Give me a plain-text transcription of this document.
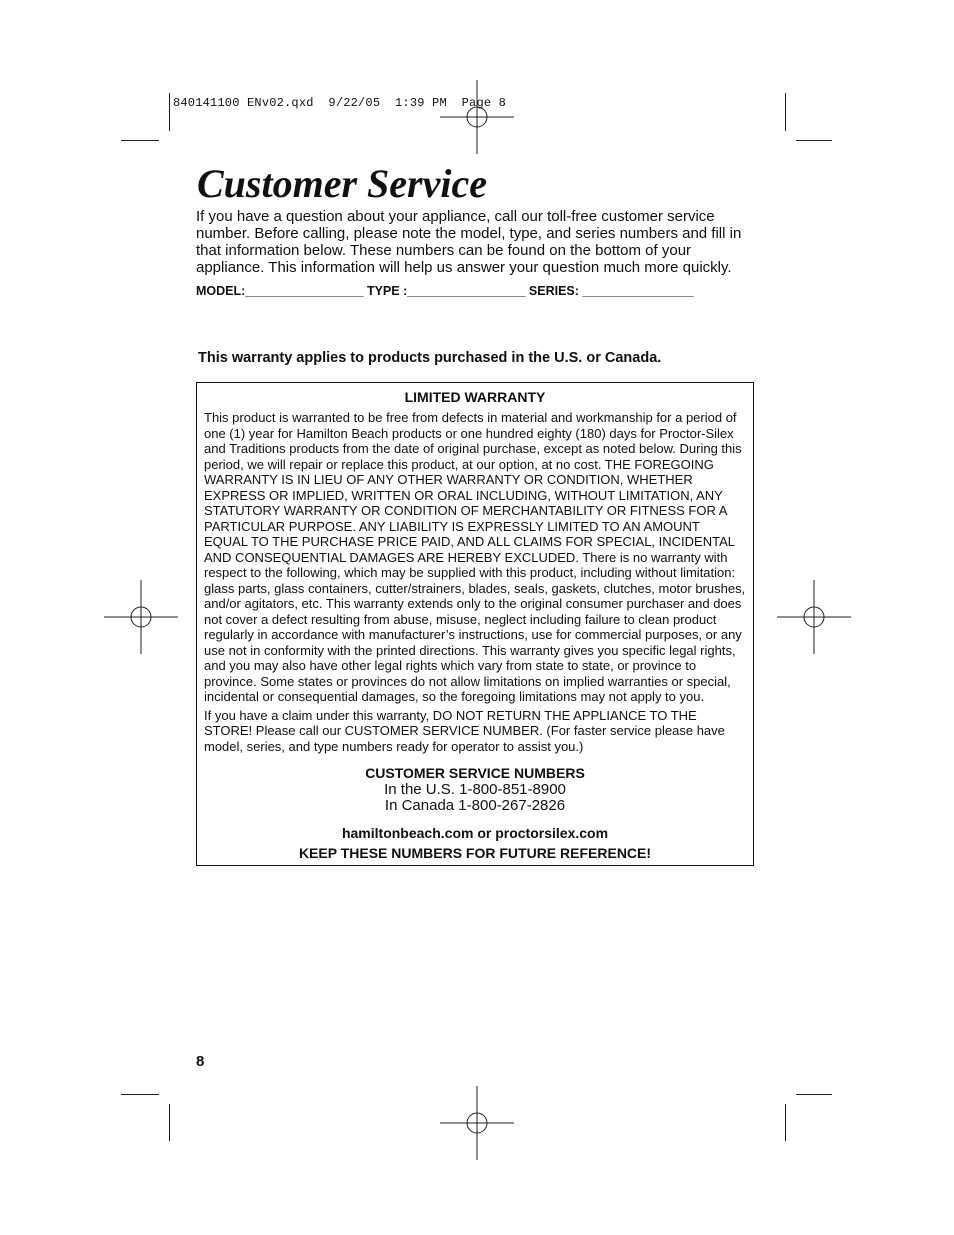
840141100 ENv02.qxd  9/22/05  1:39 PM  Page 8
Customer Service

If you have a question about your appliance, call our toll-free customer service number. Before calling, please note the model, type, and series numbers and fill in that information below. These numbers can be found on the bottom of your appliance. This information will help us answer your question much more quickly.

MODEL:_________________ TYPE :_________________ SERIES: ________________

This warranty applies to products purchased in the U.S. or Canada.

LIMITED WARRANTY

This product is warranted to be free from defects in material and workmanship for a period of one (1) year for Hamilton Beach products or one hundred eighty (180) days for Proctor-Silex and Traditions products from the date of original purchase, except as noted below. During this period, we will repair or replace this product, at our option, at no cost. THE FOREGOING WARRANTY IS IN LIEU OF ANY OTHER WARRANTY OR CONDITION, WHETHER EXPRESS OR IMPLIED, WRITTEN OR ORAL INCLUDING, WITHOUT LIMITATION, ANY STATUTORY WARRANTY OR CONDITION OF MERCHANTABILITY OR FITNESS FOR A PARTICULAR PURPOSE. ANY LIABILITY IS EXPRESSLY LIMITED TO AN AMOUNT EQUAL TO THE PURCHASE PRICE PAID, AND ALL CLAIMS FOR SPECIAL, INCIDENTAL AND CONSEQUENTIAL DAMAGES ARE HEREBY EXCLUDED. There is no warranty with respect to the following, which may be supplied with this product, including without limitation: glass parts, glass containers, cutter/strainers, blades, seals, gaskets, clutches, motor brushes, and/or agitators, etc. This warranty extends only to the original consumer purchaser and does not cover a defect resulting from abuse, misuse, neglect including failure to clean product regularly in accordance with manufacturer’s instructions, use for commercial purposes, or any use not in conformity with the printed directions. This warranty gives you specific legal rights, and you may also have other legal rights which vary from state to state, or province to province. Some states or provinces do not allow limitations on implied warranties or special, incidental or consequential damages, so the foregoing limitations may not apply to you.

If you have a claim under this warranty, DO NOT RETURN THE APPLIANCE TO THE STORE! Please call our CUSTOMER SERVICE NUMBER. (For faster service please have model, series, and type numbers ready for operator to assist you.)

CUSTOMER SERVICE NUMBERS

In the U.S. 1-800-851-8900

In Canada 1-800-267-2826

hamiltonbeach.com or proctorsilex.com

KEEP THESE NUMBERS FOR FUTURE REFERENCE!

8
